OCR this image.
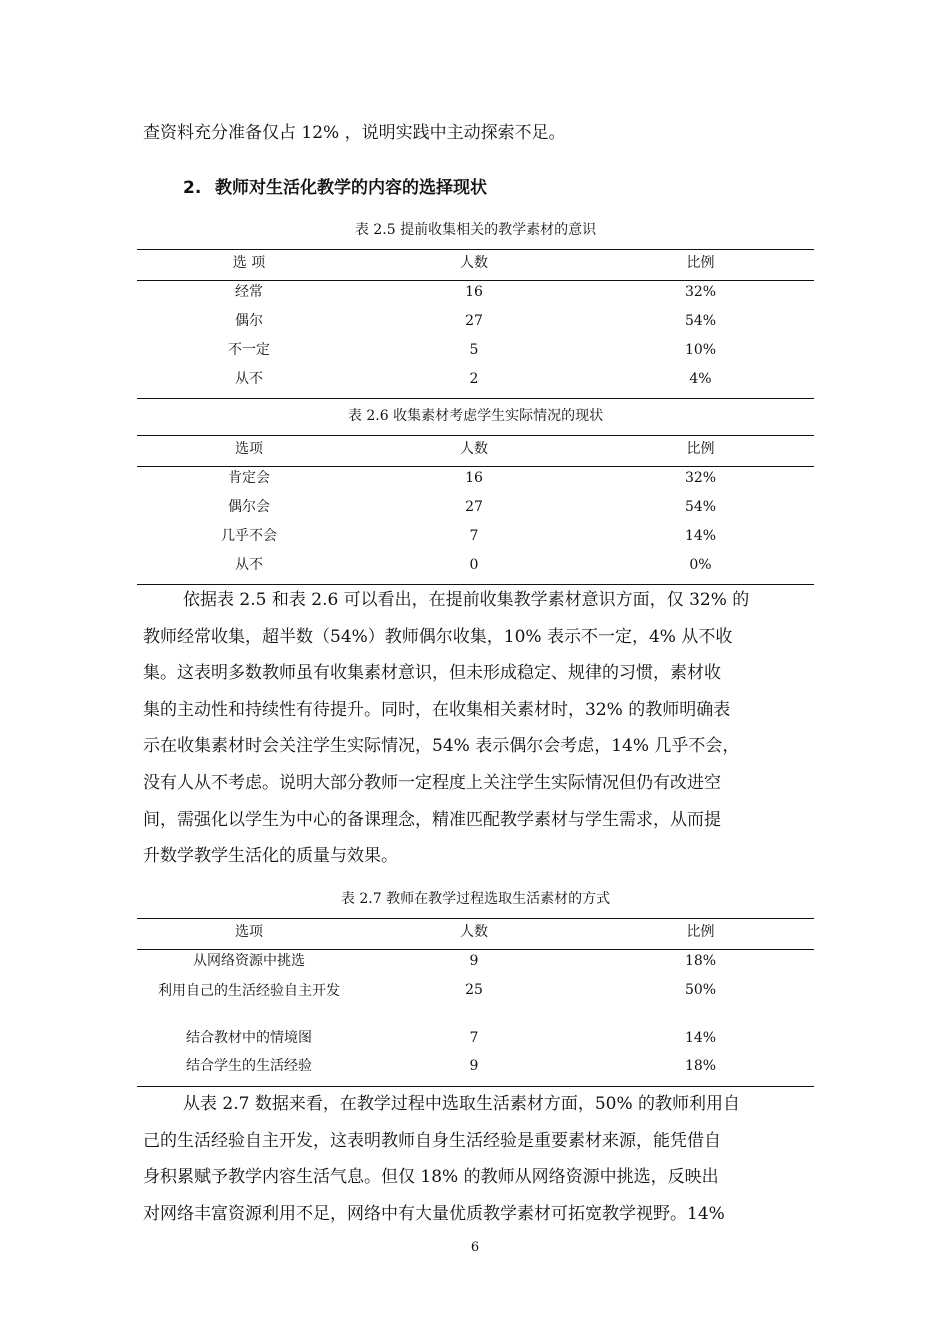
查资料充分准备仅占 12% ，说明实践中主动探索不足。
2. 教师对生活化教学的内容的选择现状
表 2.5 提前收集相关的教学素材的意识
选 项	人数	比例
经常	16	32%
偶尔	27	54%
不一定	5	10%
从不	2	4%
表 2.6 收集素材考虑学生实际情况的现状
选项	人数	比例
肯定会	16	32%
偶尔会	27	54%
几乎不会	7	14%
从不	0	0%
依据表 2.5 和表 2.6 可以看出，在提前收集教学素材意识方面，仅 32% 的
教师经常收集，超半数（54%）教师偶尔收集，10% 表示不一定，4% 从不收
集。这表明多数教师虽有收集素材意识，但未形成稳定、规律的习惯，素材收
集的主动性和持续性有待提升。同时，在收集相关素材时，32% 的教师明确表
示在收集素材时会关注学生实际情况，54% 表示偶尔会考虑，14% 几乎不会，
没有人从不考虑。说明大部分教师一定程度上关注学生实际情况但仍有改进空
间，需强化以学生为中心的备课理念，精准匹配教学素材与学生需求，从而提
升数学教学生活化的质量与效果。
表 2.7 教师在教学过程选取生活素材的方式
选项	人数	比例
从网络资源中挑选	9	18%
利用自己的生活经验自主开发	25	50%
结合教材中的情境图	7	14%
结合学生的生活经验	9	18%
从表 2.7 数据来看，在教学过程中选取生活素材方面，50% 的教师利用自
己的生活经验自主开发，这表明教师自身生活经验是重要素材来源，能凭借自
身积累赋予教学内容生活气息。但仅 18% 的教师从网络资源中挑选，反映出
对网络丰富资源利用不足，网络中有大量优质教学素材可拓宽教学视野。14%
6
